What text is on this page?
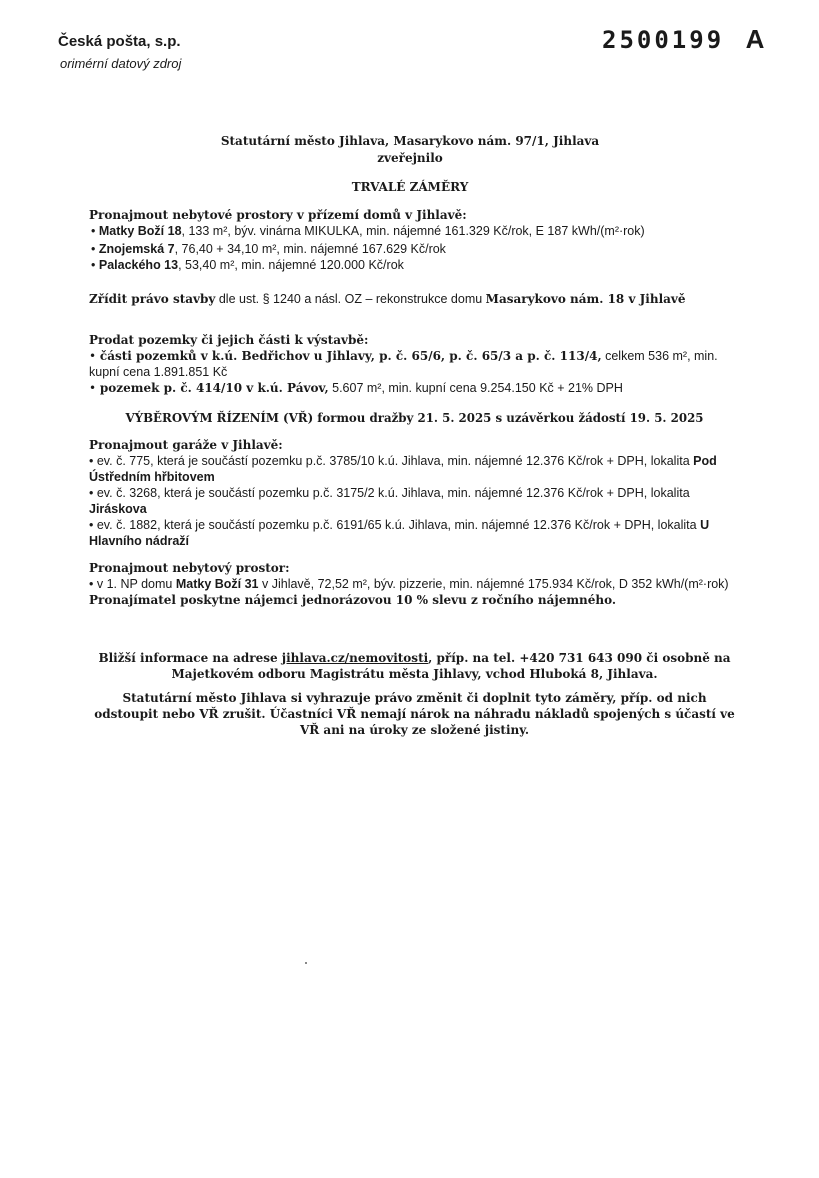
Česká pošta, s.p.
orimérní datový zdroj
2500199 A
Statutární město Jihlava, Masarykovo nám. 97/1, Jihlava
zveřejnilo
TRVALÉ ZÁMĚRY
Pronajmout nebytové prostory v přízemí domů v Jihlavě:
• Matky Boží 18, 133 m², býv. vinárna MIKULKA, min. nájemné 161.329 Kč/rok, E 187 kWh/(m²·rok)
• Znojemská 7, 76,40 + 34,10 m², min. nájemné 167.629 Kč/rok
• Palackého 13, 53,40 m², min. nájemné 120.000 Kč/rok
Zřídit právo stavby dle ust. § 1240 a násl. OZ – rekonstrukce domu Masarykovo nám. 18 v Jihlavě
Prodat pozemky či jejich části k výstavbě:
• části pozemků v k.ú. Bedřichov u Jihlavy, p. č. 65/6, p. č. 65/3 a p. č. 113/4, celkem 536 m², min. kupní cena 1.891.851 Kč
• pozemek p. č. 414/10 v k.ú. Pávov, 5.607 m², min. kupní cena 9.254.150 Kč + 21% DPH
VÝBĚROVÝM ŘÍZENÍM (VŘ) formou dražby 21. 5. 2025 s uzávěrkou žádostí 19. 5. 2025
Pronajmout garáže v Jihlavě:
• ev. č. 775, která je součástí pozemku p.č. 3785/10 k.ú. Jihlava, min. nájemné 12.376 Kč/rok + DPH, lokalita Pod Ústředním hřbitovem
• ev. č. 3268, která je součástí pozemku p.č. 3175/2 k.ú. Jihlava, min. nájemné 12.376 Kč/rok + DPH, lokalita Jiráskova
• ev. č. 1882, která je součástí pozemku p.č. 6191/65 k.ú. Jihlava, min. nájemné 12.376 Kč/rok + DPH, lokalita U Hlavního nádraží
Pronajmout nebytový prostor:
• v 1. NP domu Matky Boží 31 v Jihlavě, 72,52 m², býv. pizzerie, min. nájemné 175.934 Kč/rok, D 352 kWh/(m²·rok)
Pronajímatel poskytne nájemci jednorázovou 10 % slevu z ročního nájemného.
Bližší informace na adrese jihlava.cz/nemovitosti, příp. na tel. +420 731 643 090 či osobně na Majetkovém odboru Magistrátu města Jihlavy, vchod Hluboká 8, Jihlava.
Statutární město Jihlava si vyhrazuje právo změnit či doplnit tyto záměry, příp. od nich odstoupit nebo VŘ zrušit. Účastníci VŘ nemají nárok na náhradu nákladů spojených s účastí ve VŘ ani na úroky ze složené jistiny.
